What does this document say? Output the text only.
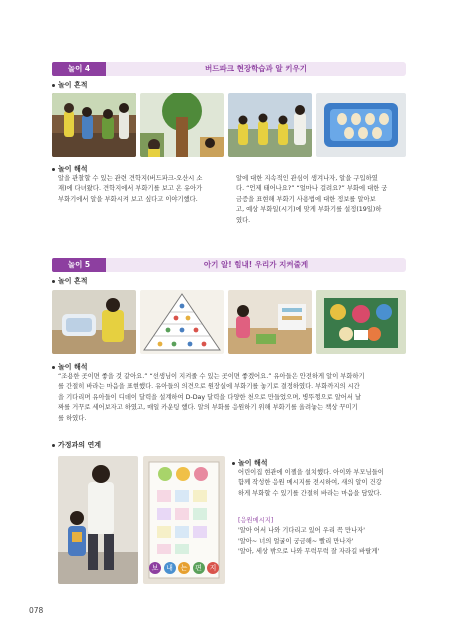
놀이 4	버드파크 현장학습과 알 키우기
놀이 흔적
놀이 해석
알을 관찰할 수 있는 관련 견학지(버드파크-오산시 소
재)에 다녀왔다. 견학지에서 부화기를 보고 온 유아가
부화기에서 알을 부화시켜 보고 싶다고 이야기했다.
알에 대한 지속적인 관심이 생겨나자, 알을 구입하였
다. “언제 태어나요?” “얼마나 걸려요?” 부화에 대한 궁
금증을 표현해 부화기 사용법에 대한 정보를 알아보
고, 예상 부화일(시기)에 맞게 부화기를 설정(19일)하
였다.
놀이 5	아기 알! 힘내! 우리가 지켜줄게
놀이 흔적
놀이 해석
“조용한 곳이면 좋을 것 같아요.” “선생님이 지켜줄 수 있는 곳이면 좋겠어요.” 유아들은 안전하게 알이 부화하기
를 간절히 바라는 마음을 표현했다. 유아들의 의견으로 원장실에 부화기를 놓기로 결정하였다. 부화까지의 시간
을 기다리며 유아들이 디데이 달력을 설계하여 D-Day 달력을 다양한 천으로 만들었으며, 병뚜껑으로 알어서 날
짜를 거꾸로 세어보자고 하였고, 매일 카운팅 했다. 알의 부화를 응원하기 위해 부화기를 올려놓는 책상 꾸미기
를 하였다.
가정과의 연계
보	내	는	편	지
놀이 해석
어린이집 현관에 이젤을 설치했다. 아이와 부모님들이
함께 작성한 응원 메시지를 전시하여, 새의 알이 건강
하게 부화할 수 있기를 간절히 바라는 마음을 담았다.
[응원메시지]
'알아 어서 나와 기다리고 있어 우리 꼭 만나자'
'알아~ 너의 얼굴이 궁금해~ 빨리 만나자'
'알아, 세상 밖으로 나와 무럭무럭 잘 자라길 바랄게'
078
